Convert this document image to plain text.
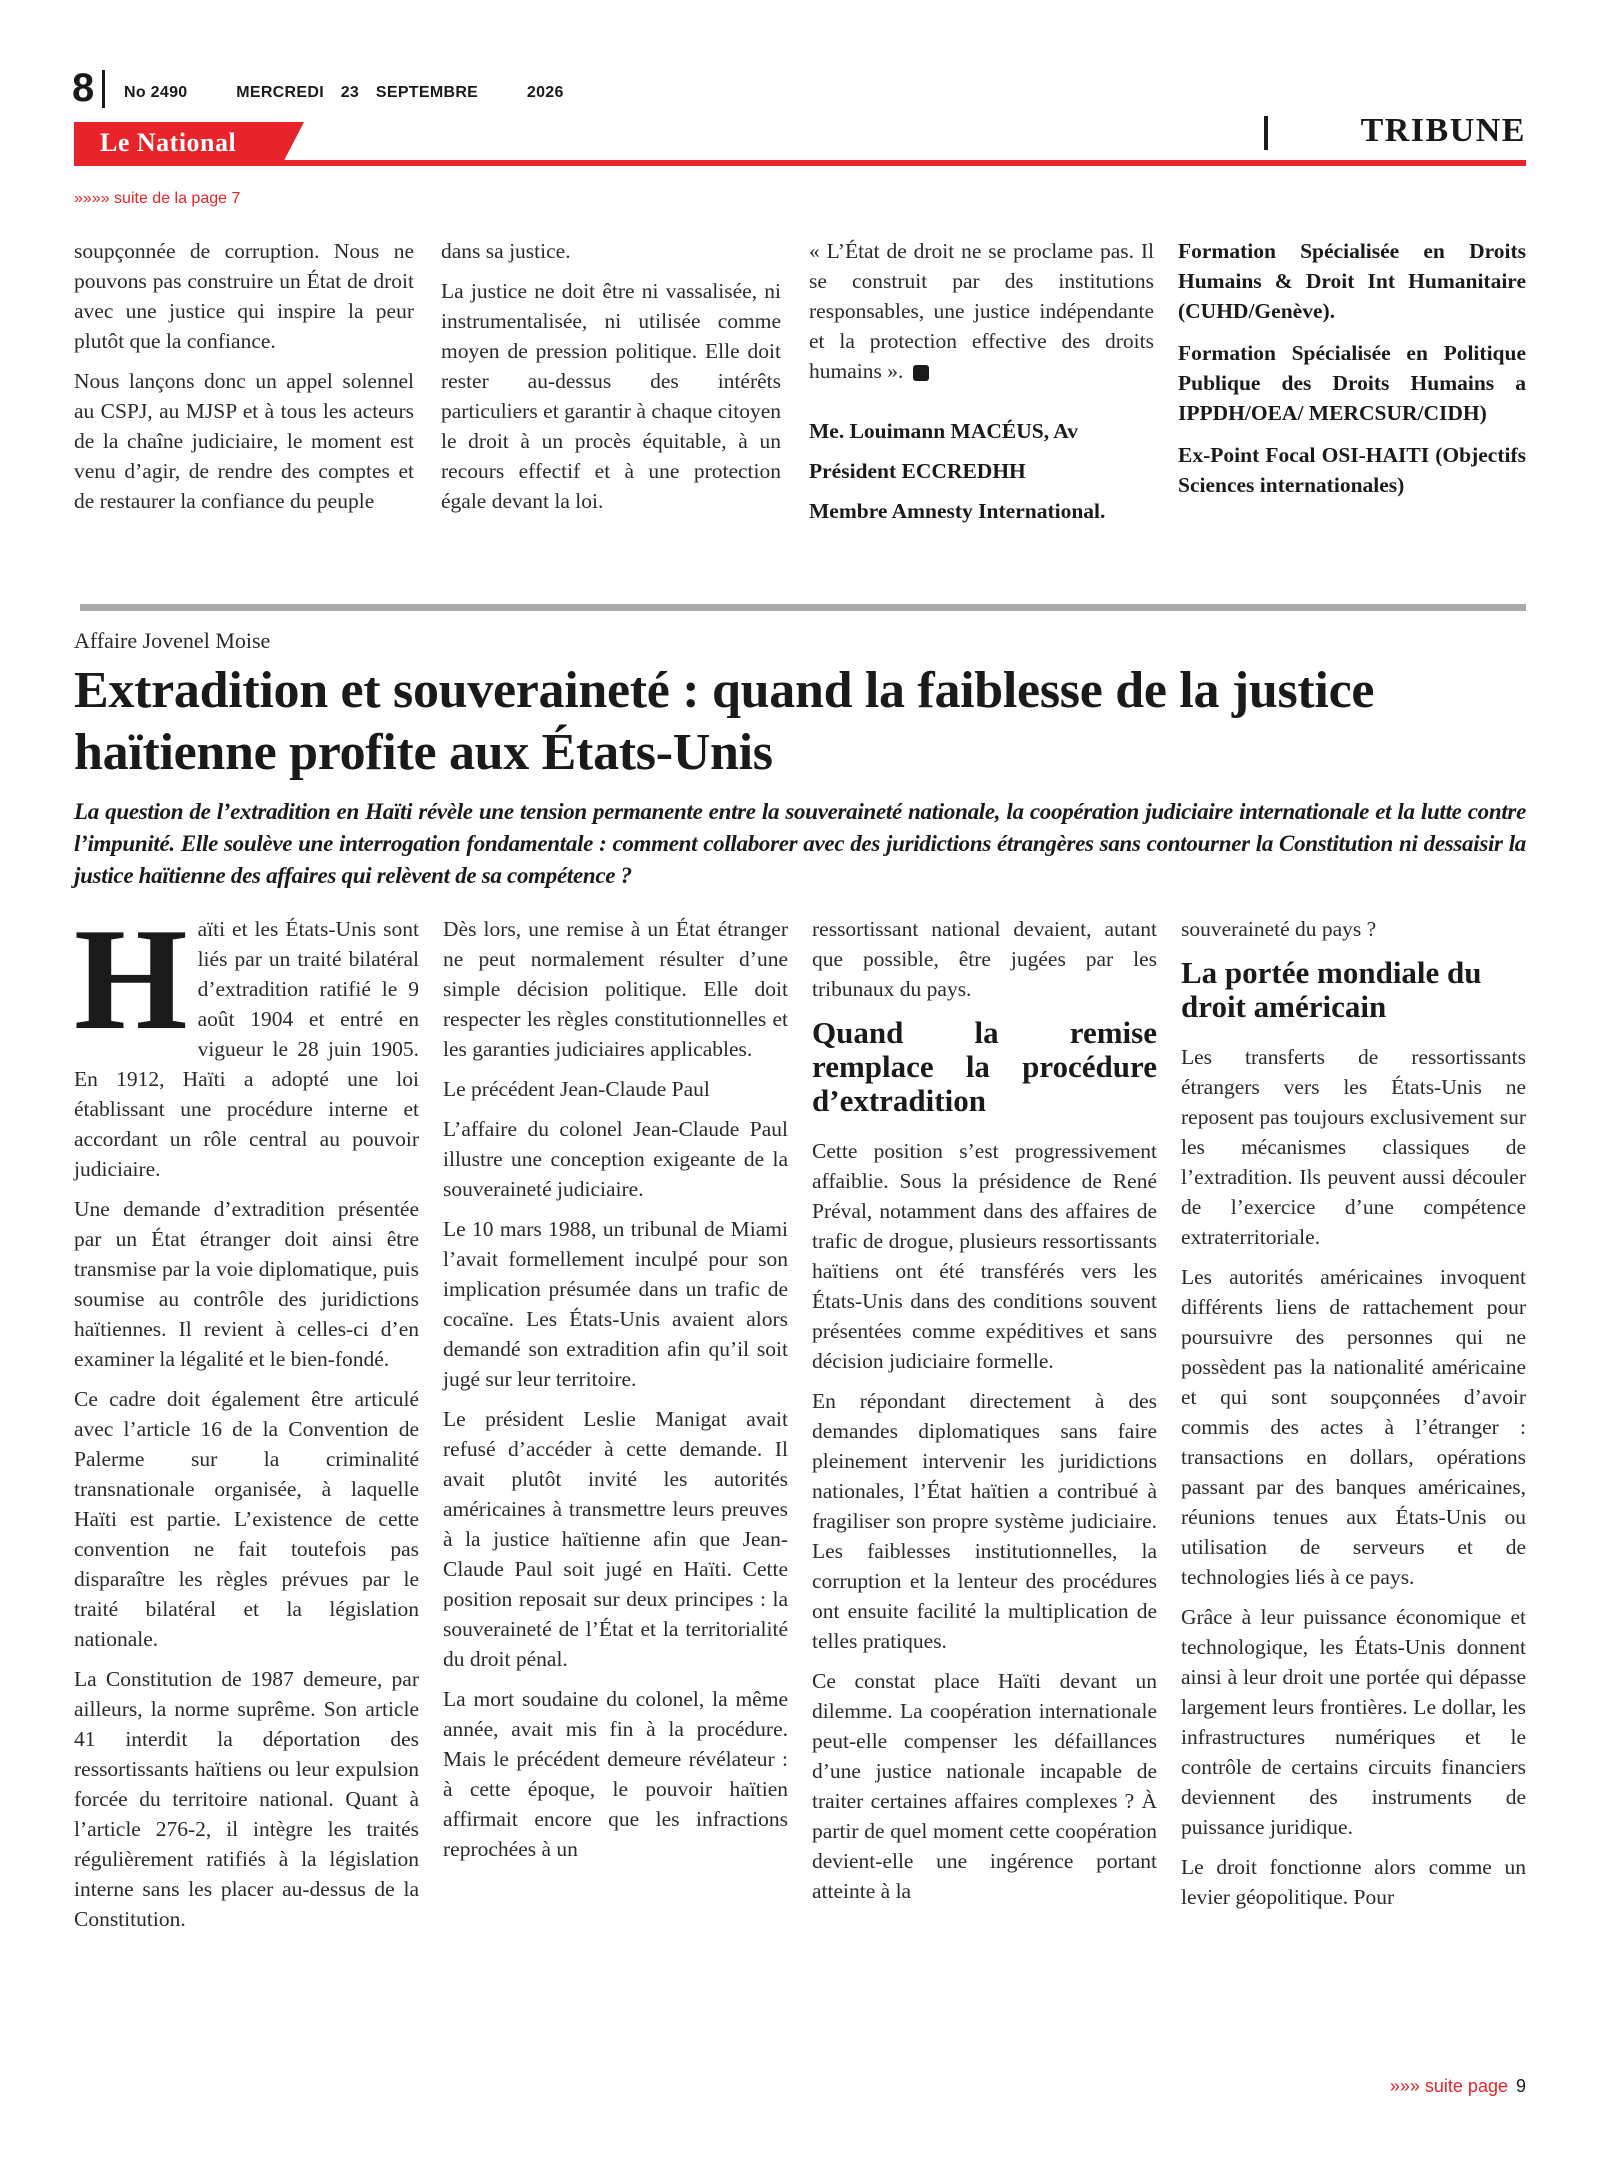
8 No 2490	MERCREDI 23 SEPTEMBRE	2026
Le National	TRIBUNE
»»»» suite de la page 7

soupçonnée de corruption. Nous ne pouvons pas construire un État de droit avec une justice qui inspire la peur plutôt que la confiance.

Nous lançons donc un appel solennel au CSPJ, au MJSP et à tous les acteurs de la chaîne judiciaire, le moment est venu d’agir, de rendre des comptes et de restaurer la confiance du peuple

dans sa justice.

La justice ne doit être ni vassalisée, ni instrumentalisée, ni utilisée comme moyen de pression politique. Elle doit rester au-dessus des intérêts particuliers et garantir à chaque citoyen le droit à un procès équitable, à un recours effectif et à une protection égale devant la loi.

« L’État de droit ne se proclame pas. Il se construit par des institutions responsables, une justice indépendante et la protection effective des droits humains ».

Me. Louimann MACÉUS, Av

Président ECCREDHH

Membre Amnesty International.

Formation Spécialisée en Droits Humains & Droit Int Humanitaire (CUHD/Genève).

Formation Spécialisée en Politique Publique des Droits Humains a IPPDH/OEA/ MERCSUR/CIDH)

Ex-Point Focal OSI-HAITI (Objectifs Sciences internationales)

Affaire Jovenel Moise
Extradition et souveraineté : quand la faiblesse de la justice haïtienne profite aux États-Unis
La question de l’extradition en Haïti révèle une tension permanente entre la souveraineté nationale, la coopération judiciaire internationale et la lutte contre l’impunité. Elle soulève une interrogation fondamentale : comment collaborer avec des juridictions étrangères sans contourner la Constitution ni dessaisir la justice haïtienne des affaires qui relèvent de sa compétence ?

Haïti et les États-Unis sont liés par un traité bilatéral d’extradition ratifié le 9 août 1904 et entré en vigueur le 28 juin 1905. En 1912, Haïti a adopté une loi établissant une procédure interne et accordant un rôle central au pouvoir judiciaire.

Une demande d’extradition présentée par un État étranger doit ainsi être transmise par la voie diplomatique, puis soumise au contrôle des juridictions haïtiennes. Il revient à celles-ci d’en examiner la légalité et le bien-fondé.

Ce cadre doit également être articulé avec l’article 16 de la Convention de Palerme sur la criminalité transnationale organisée, à laquelle Haïti est partie. L’existence de cette convention ne fait toutefois pas disparaître les règles prévues par le traité bilatéral et la législation nationale.

La Constitution de 1987 demeure, par ailleurs, la norme suprême. Son article 41 interdit la déportation des ressortissants haïtiens ou leur expulsion forcée du territoire national. Quant à l’article 276-2, il intègre les traités régulièrement ratifiés à la législation interne sans les placer au-dessus de la Constitution.

Dès lors, une remise à un État étranger ne peut normalement résulter d’une simple décision politique. Elle doit respecter les règles constitutionnelles et les garanties judiciaires applicables.

Le précédent Jean-Claude Paul

L’affaire du colonel Jean-Claude Paul illustre une conception exigeante de la souveraineté judiciaire.

Le 10 mars 1988, un tribunal de Miami l’avait formellement inculpé pour son implication présumée dans un trafic de cocaïne. Les États-Unis avaient alors demandé son extradition afin qu’il soit jugé sur leur territoire.

Le président Leslie Manigat avait refusé d’accéder à cette demande. Il avait plutôt invité les autorités américaines à transmettre leurs preuves à la justice haïtienne afin que Jean-Claude Paul soit jugé en Haïti. Cette position reposait sur deux principes : la souveraineté de l’État et la territorialité du droit pénal.

La mort soudaine du colonel, la même année, avait mis fin à la procédure. Mais le précédent demeure révélateur : à cette époque, le pouvoir haïtien affirmait encore que les infractions reprochées à un

ressortissant national devaient, autant que possible, être jugées par les tribunaux du pays.

Quand la remise remplace la procédure d’extradition

Cette position s’est progressivement affaiblie. Sous la présidence de René Préval, notamment dans des affaires de trafic de drogue, plusieurs ressortissants haïtiens ont été transférés vers les États-Unis dans des conditions souvent présentées comme expéditives et sans décision judiciaire formelle.

En répondant directement à des demandes diplomatiques sans faire pleinement intervenir les juridictions nationales, l’État haïtien a contribué à fragiliser son propre système judiciaire. Les faiblesses institutionnelles, la corruption et la lenteur des procédures ont ensuite facilité la multiplication de telles pratiques.

Ce constat place Haïti devant un dilemme. La coopération internationale peut-elle compenser les défaillances d’une justice nationale incapable de traiter certaines affaires complexes ? À partir de quel moment cette coopération devient-elle une ingérence portant atteinte à la

souveraineté du pays ?

La portée mondiale du droit américain

Les transferts de ressortissants étrangers vers les États-Unis ne reposent pas toujours exclusivement sur les mécanismes classiques de l’extradition. Ils peuvent aussi découler de l’exercice d’une compétence extraterritoriale.

Les autorités américaines invoquent différents liens de rattachement pour poursuivre des personnes qui ne possèdent pas la nationalité américaine et qui sont soupçonnées d’avoir commis des actes à l’étranger : transactions en dollars, opérations passant par des banques américaines, réunions tenues aux États-Unis ou utilisation de serveurs et de technologies liés à ce pays.

Grâce à leur puissance économique et technologique, les États-Unis donnent ainsi à leur droit une portée qui dépasse largement leurs frontières. Le dollar, les infrastructures numériques et le contrôle de certains circuits financiers deviennent des instruments de puissance juridique.

Le droit fonctionne alors comme un levier géopolitique. Pour

»»» suite page 9
